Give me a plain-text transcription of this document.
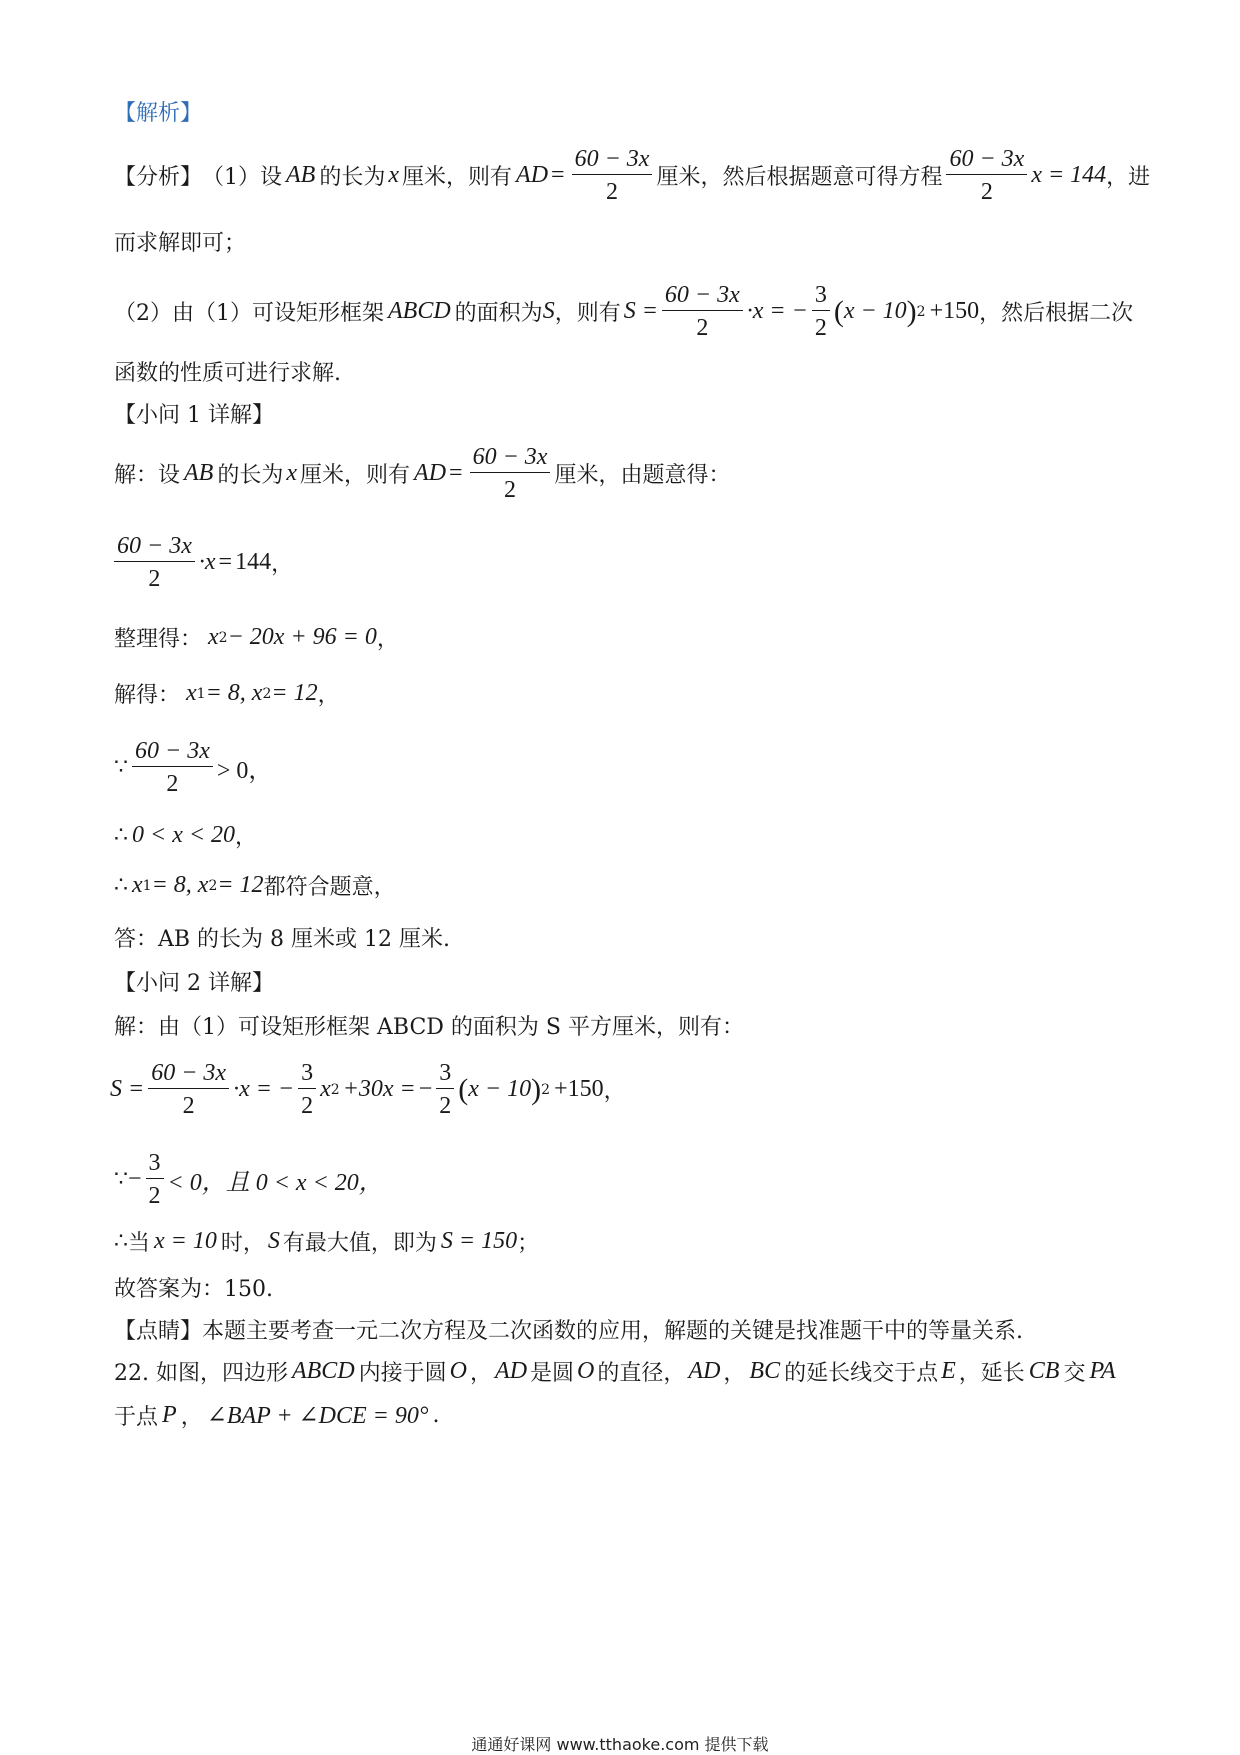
【解析】
【分析】 （1）设 AB 的长为 x 厘米，则有 AD = $\frac{60 - 3x}{2}$ 厘米，然后根据题意可得方程 $\frac{60 - 3x}{2}$ x = 144 ，进
而求解即可；
（2）由（1）可设矩形框架 ABCD 的面积为 S ，则有 $S = \frac{60 - 3x}{2} \cdot x$ = − $\frac{3}{2}$ ( x − 10 ) 2 +150 ，然后根据二次
函数的性质可进行求解.
【小问 1 详解】
解：设 AB 的长为 x 厘米，则有 AD = $\frac{60 - 3x}{2}$ 厘米，由题意得：
$\frac{60 - 3x}{2} \cdot x = 144$ ，
整理得： x 2 − 20x + 96 = 0 ，
解得： x 1 = 8, x 2 = 12 ，
∵ $\frac{60 - 3x}{2} > 0$，
∴ 0 < x < 20 ，
∴ x 1 = 8, x 2 = 12 都符合题意，
答：AB 的长为 8 厘米或 12 厘米.
【小问 2 详解】
解：由（1）可设矩形框架 ABCD 的面积为 S 平方厘米，则有：
$S = \frac{60 - 3x}{2} \cdot x$ = − $\frac{3}{2}$ x 2 +30x = − $\frac{3}{2}$ ( x − 10 ) 2 +150 ，
∵ − $\frac{3}{2} < 0$，且 0 < x < 20，
∴ 当 x = 10 时， S 有最大值，即为 S = 150 ；
故答案为：150.
【点睛】本题主要考查一元二次方程及二次函数的应用，解题的关键是找准题干中的等量关系.
22. 如图，四边形 ABCD 内接于圆 O ， AD 是圆 O 的直径， AD ， BC 的延长线交于点 E ，延长 CB 交 PA
于点 P ， ∠BAP + ∠DCE = 90° .
通通好课网 www.tthaoke.com 提供下载
